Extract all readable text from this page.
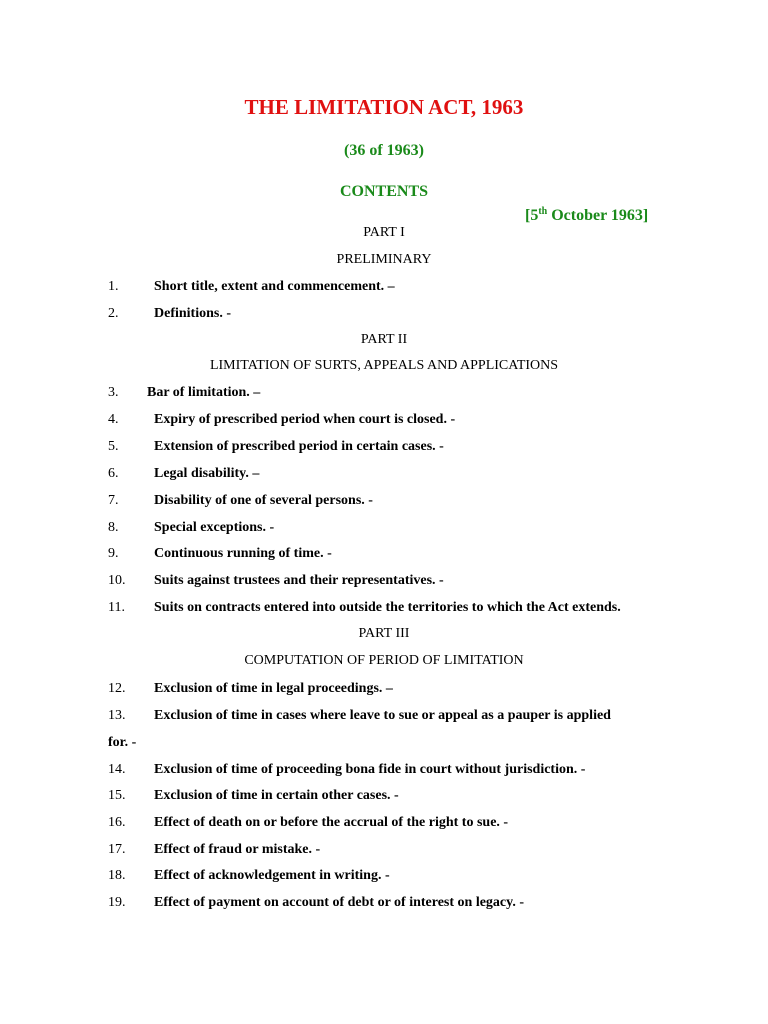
THE LIMITATION ACT, 1963
(36 of 1963)
CONTENTS
[5th October 1963]
PART I
PRELIMINARY
1.	Short title, extent and commencement. –
2.	Definitions. -
PART II
LIMITATION OF SURTS, APPEALS AND APPLICATIONS
3. Bar of limitation. –
4.	Expiry of prescribed period when court is closed. -
5.	Extension of prescribed period in certain cases. -
6.	Legal disability. –
7.	Disability of one of several persons. -
8.	Special exceptions. -
9.	Continuous running of time. -
10. Suits against trustees and their representatives. -
11. Suits on contracts entered into outside the territories to which the Act extends.
PART III
COMPUTATION OF PERIOD OF LIMITATION
12. Exclusion of time in legal proceedings. –
13. Exclusion of time in cases where leave to sue or appeal as a pauper is applied
for. -
14. Exclusion of time of proceeding bona fide in court without jurisdiction. -
15. Exclusion of time in certain other cases. -
16. Effect of death on or before the accrual of the right to sue. -
17. Effect of fraud or mistake. -
18. Effect of acknowledgement in writing. -
19. Effect of payment on account of debt or of interest on legacy. -
